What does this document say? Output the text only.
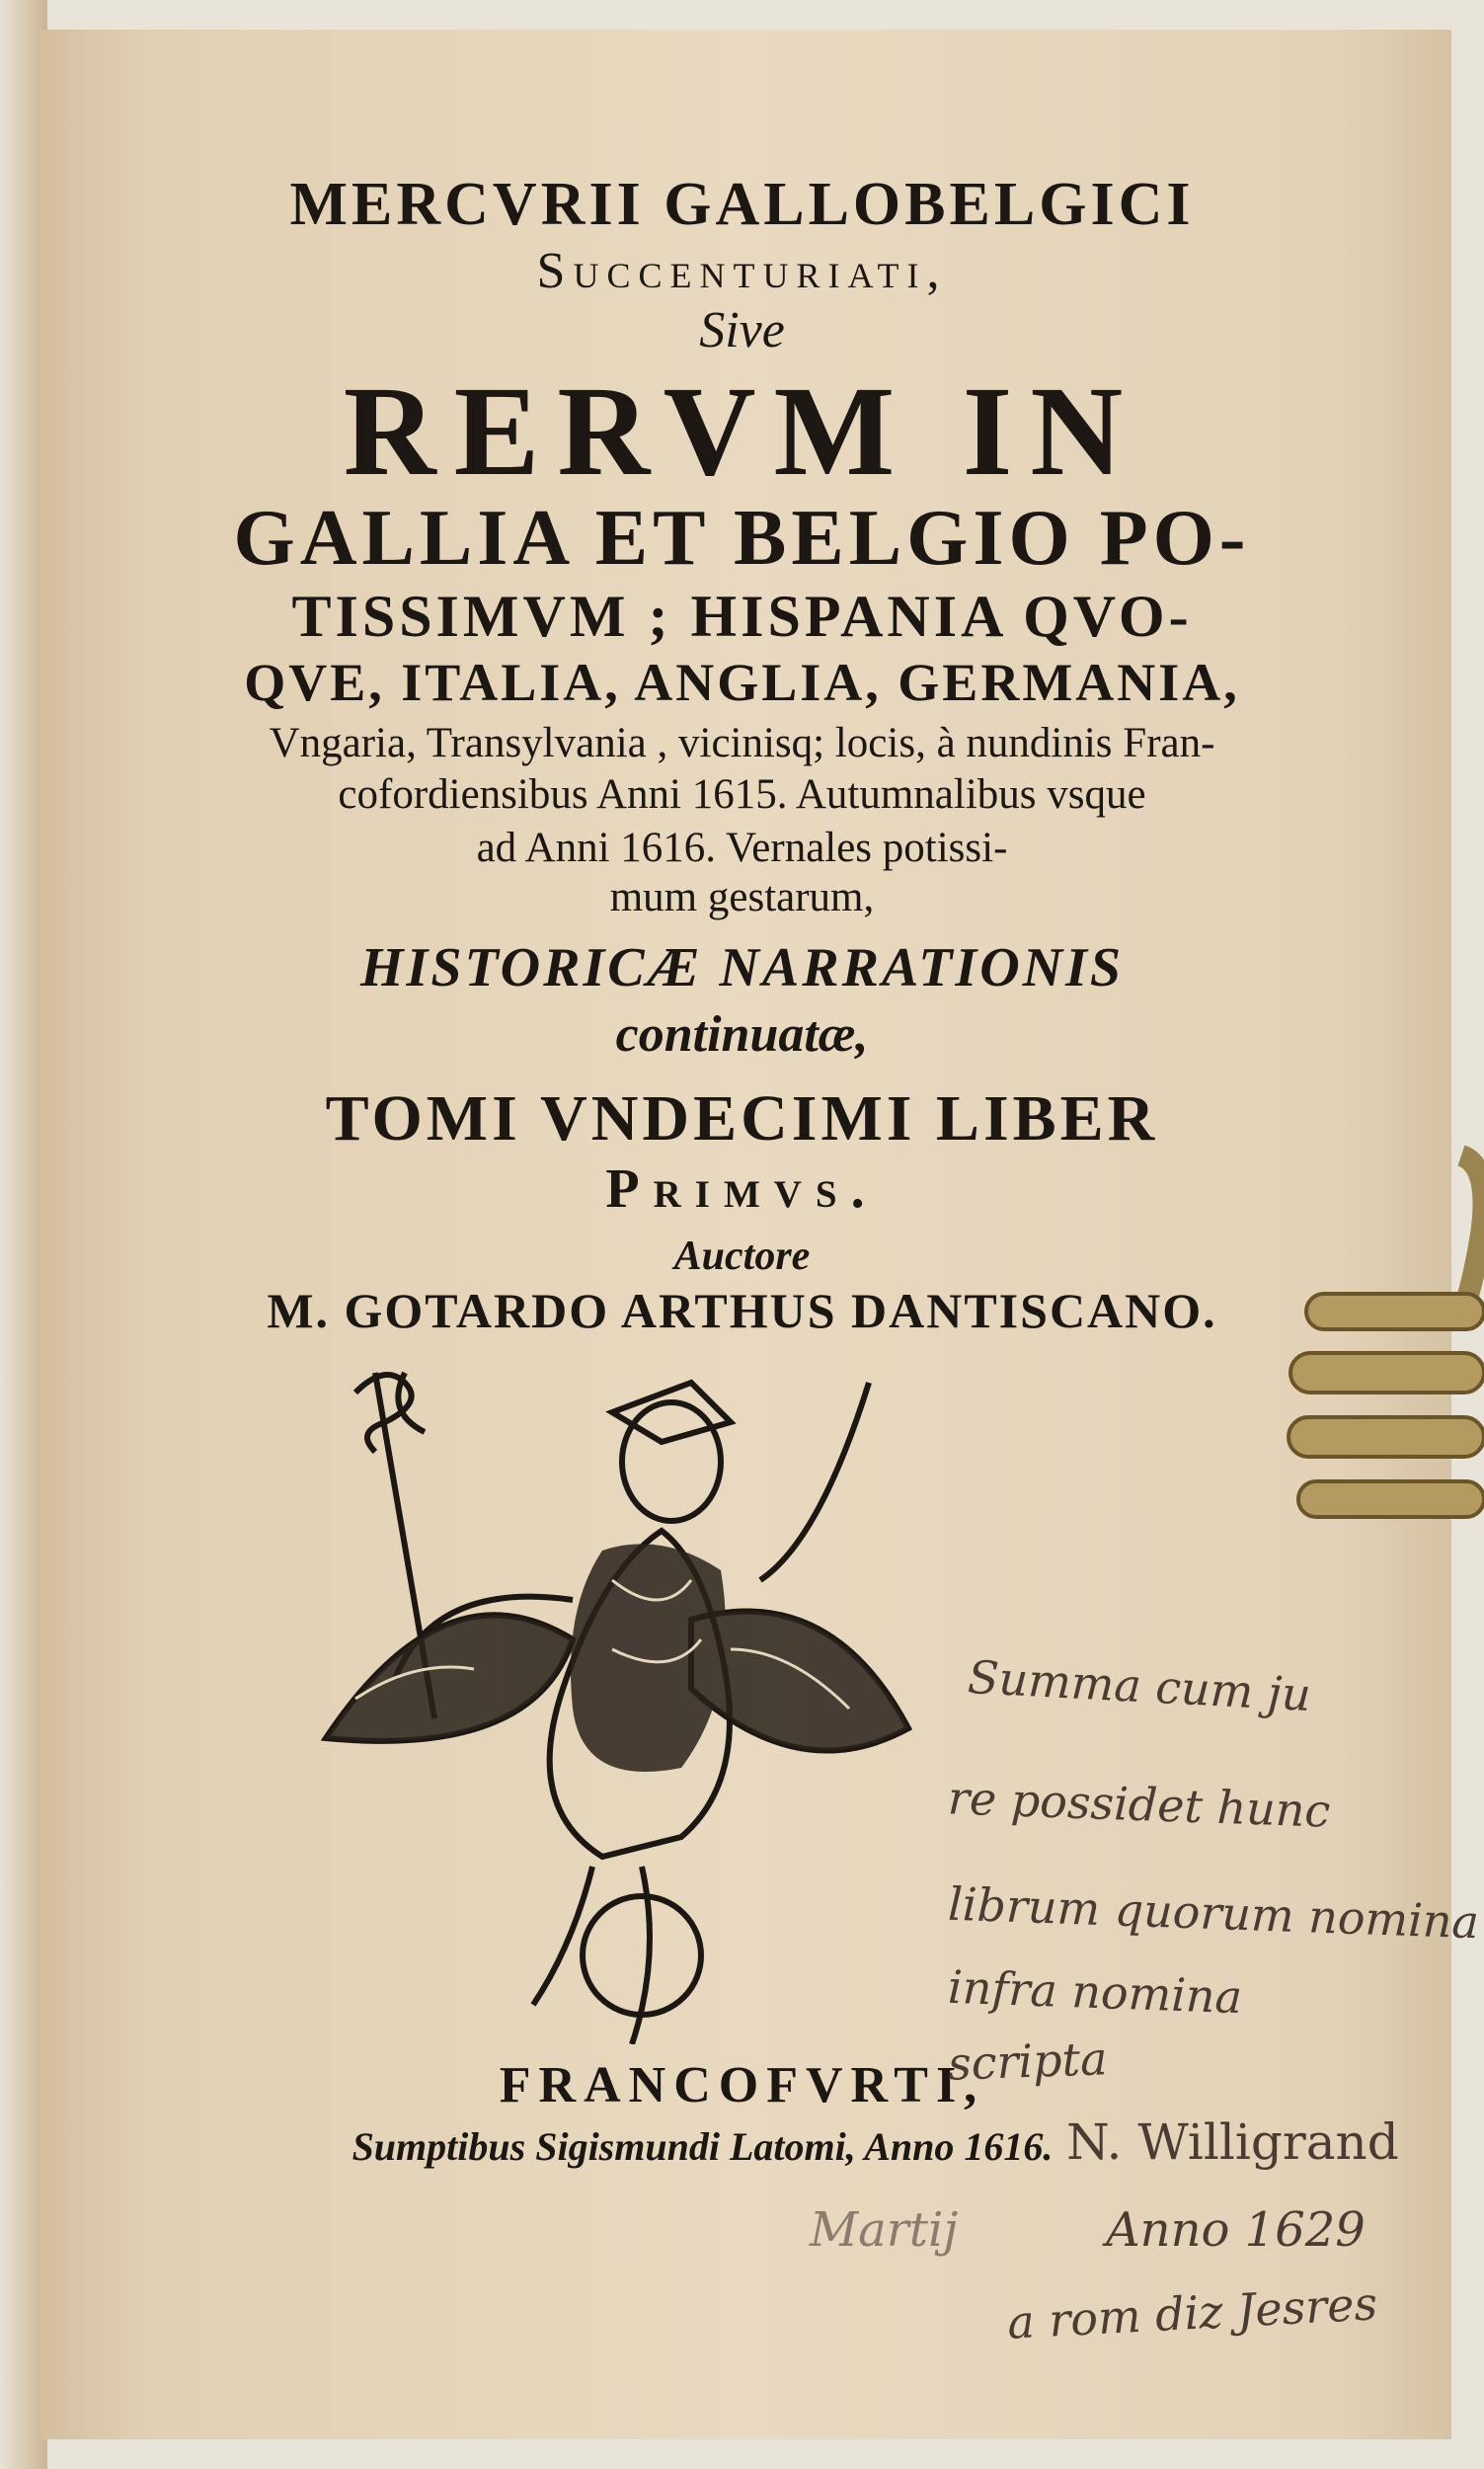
MERCVRII GALLOBELGICI
Succenturiati,
Sive
RERVM IN
GALLIA ET BELGIO PO-
TISSIMVM ; HISPANIA QVO-
QVE, ITALIA, ANGLIA, GERMANIA,
Vngaria, Transylvania , vicinisq; locis, à nundinis Fran-
cofordiensibus Anni 1615. Autumnalibus vsque
ad Anni 1616. Vernales potissi-
mum gestarum,
HISTORICÆ NARRATIONIS
continuatæ,
TOMI VNDECIMI LIBER
Primvs.
Auctore
M. GOTARDO ARTHUS DANTISCANO.
FRANCOFVRTI,
Sumptibus Sigismundi Latomi, Anno 1616.
Summa cum ju
re possidet hunc
librum quorum nomina
infra nomina
scripta
N. Willigrand
Anno 1629
Martij
a rom diz Jesres
